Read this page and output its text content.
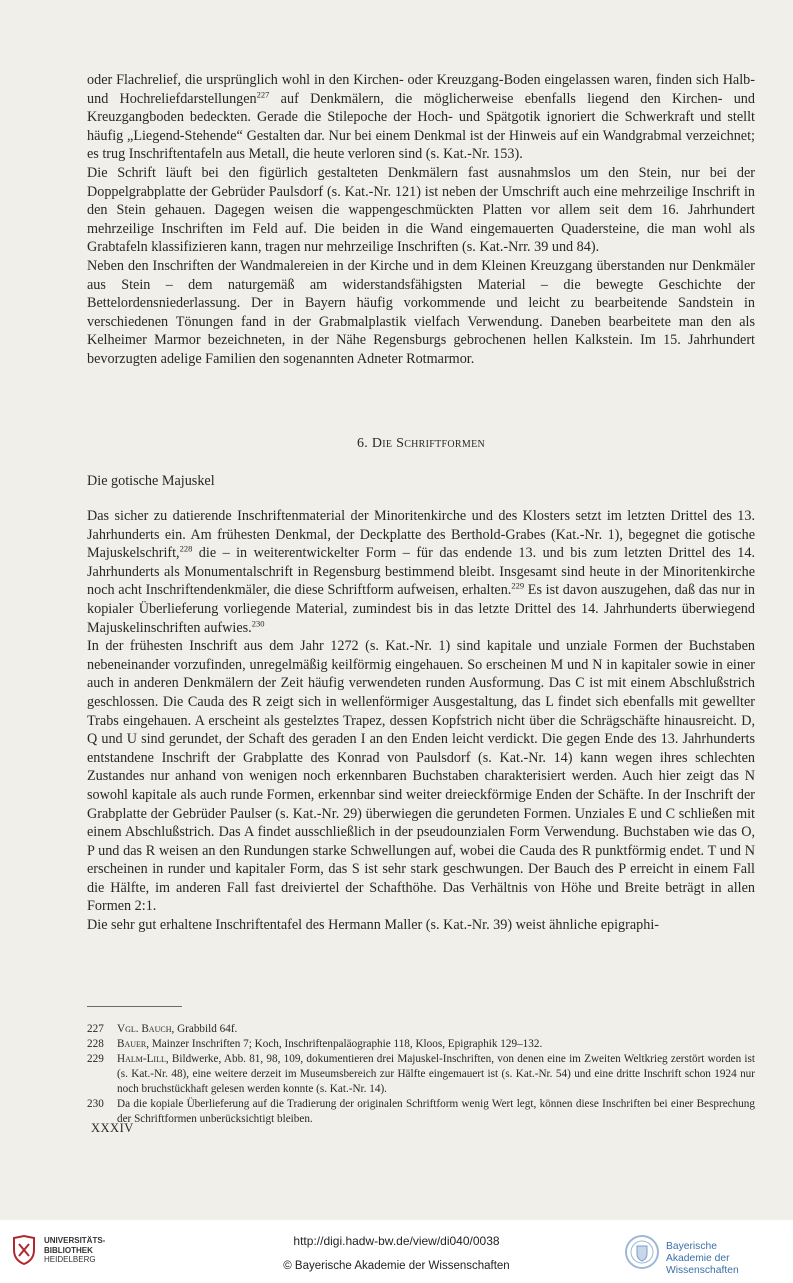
oder Flachrelief, die ursprünglich wohl in den Kirchen- oder Kreuzgang-Boden eingelassen waren, finden sich Halb- und Hochreliefdarstellungen$^{227}$ auf Denkmälern, die möglicherweise ebenfalls liegend den Kirchen- und Kreuzgangboden bedeckten. Gerade die Stilepoche der Hoch- und Spätgotik ignoriert die Schwerkraft und stellt häufig „Liegend-Stehende“ Gestalten dar. Nur bei einem Denkmal ist der Hinweis auf ein Wandgrabmal verzeichnet; es trug Inschriftentafeln aus Metall, die heute verloren sind (s. Kat.-Nr. 153).

Die Schrift läuft bei den figürlich gestalteten Denkmälern fast ausnahmslos um den Stein, nur bei der Doppelgrabplatte der Gebrüder Paulsdorf (s. Kat.-Nr. 121) ist neben der Umschrift auch eine mehrzeilige Inschrift in den Stein gehauen. Dagegen weisen die wappengeschmückten Platten vor allem seit dem 16. Jahrhundert mehrzeilige Inschriften im Feld auf. Die beiden in die Wand eingemauerten Quadersteine, die man wohl als Grabtafeln klassifizieren kann, tragen nur mehrzeilige Inschriften (s. Kat.-Nrr. 39 und 84).

Neben den Inschriften der Wandmalereien in der Kirche und in dem Kleinen Kreuzgang überstanden nur Denkmäler aus Stein – dem naturgemäß am widerstandsfähigsten Material – die bewegte Geschichte der Bettelordensniederlassung. Der in Bayern häufig vorkommende und leicht zu bearbeitende Sandstein in verschiedenen Tönungen fand in der Grabmalplastik vielfach Verwendung. Daneben bearbeitete man den als Kelheimer Marmor bezeichneten, in der Nähe Regensburgs gebrochenen hellen Kalkstein. Im 15. Jahrhundert bevorzugten adelige Familien den sogenannten Adneter Rotmarmor.

6. Die Schriftformen
Die gotische Majuskel

Das sicher zu datierende Inschriftenmaterial der Minoritenkirche und des Klosters setzt im letzten Drittel des 13. Jahrhunderts ein. Am frühesten Denkmal, der Deckplatte des Berthold-Grabes (Kat.-Nr. 1), begegnet die gotische Majuskelschrift,$^{228}$ die – in weiterentwickelter Form – für das endende 13. und bis zum letzten Drittel des 14. Jahrhunderts als Monumentalschrift in Regensburg bestimmend bleibt. Insgesamt sind heute in der Minoritenkirche noch acht Inschriftendenkmäler, die diese Schriftform aufweisen, erhalten.$^{229}$ Es ist davon auszugehen, daß das nur in kopialer Überlieferung vorliegende Material, zumindest bis in das letzte Drittel des 14. Jahrhunderts überwiegend Majuskelinschriften aufwies.$^{230}$

In der frühesten Inschrift aus dem Jahr 1272 (s. Kat.-Nr. 1) sind kapitale und unziale Formen der Buchstaben nebeneinander vorzufinden, unregelmäßig keilförmig eingehauen. So erscheinen M und N in kapitaler sowie in einer auch in anderen Denkmälern der Zeit häufig verwendeten runden Ausformung. Das C ist mit einem Abschlußstrich geschlossen. Die Cauda des R zeigt sich in wellenförmiger Ausgestaltung, das L findet sich ebenfalls mit gewellter Trabs eingehauen. A erscheint als gestelztes Trapez, dessen Kopfstrich nicht über die Schrägschäfte hinausreicht. D, Q und U sind gerundet, der Schaft des geraden I an den Enden leicht verdickt. Die gegen Ende des 13. Jahrhunderts entstandene Inschrift der Grabplatte des Konrad von Paulsdorf (s. Kat.-Nr. 14) kann wegen ihres schlechten Zustandes nur anhand von wenigen noch erkennbaren Buchstaben charakterisiert werden. Auch hier zeigt das N sowohl kapitale als auch runde Formen, erkennbar sind weiter dreieckförmige Enden der Schäfte. In der Inschrift der Grabplatte der Gebrüder Paulser (s. Kat.-Nr. 29) überwiegen die gerundeten Formen. Unziales E und C schließen mit einem Abschlußstrich. Das A findet ausschließlich in der pseudounzialen Form Verwendung. Buchstaben wie das O, P und das R weisen an den Rundungen starke Schwellungen auf, wobei die Cauda des R punktförmig endet. T und N erscheinen in runder und kapitaler Form, das S ist sehr stark geschwungen. Der Bauch des P erreicht in einem Fall die Hälfte, im anderen Fall fast dreiviertel der Schafthöhe. Das Verhältnis von Höhe und Breite beträgt in allen Formen 2:1.

Die sehr gut erhaltene Inschriftentafel des Hermann Maller (s. Kat.-Nr. 39) weist ähnliche epigraphi-

227	Vgl. Bauch, Grabbild 64f.
228	Bauer, Mainzer Inschriften 7; Koch, Inschriftenpaläographie 118, Kloos, Epigraphik 129–132.
229	Halm-Lill, Bildwerke, Abb. 81, 98, 109, dokumentieren drei Majuskel-Inschriften, von denen eine im Zweiten Weltkrieg zerstört worden ist (s. Kat.-Nr. 48), eine weitere derzeit im Museumsbereich zur Hälfte eingemauert ist (s. Kat.-Nr. 54) und eine dritte Inschrift schon 1924 nur noch bruchstückhaft gelesen werden konnte (s. Kat.-Nr. 14).
230	Da die kopiale Überlieferung auf die Tradierung der originalen Schriftform wenig Wert legt, können diese Inschriften bei einer Besprechung der Schriftformen unberücksichtigt bleiben.
XXXIV
UNIVERSITÄTS-
BIBLIOTHEK
HEIDELBERG
http://digi.hadw-bw.de/view/di040/0038
© Bayerische Akademie der Wissenschaften
Bayerische
Akademie der Wissenschaften
